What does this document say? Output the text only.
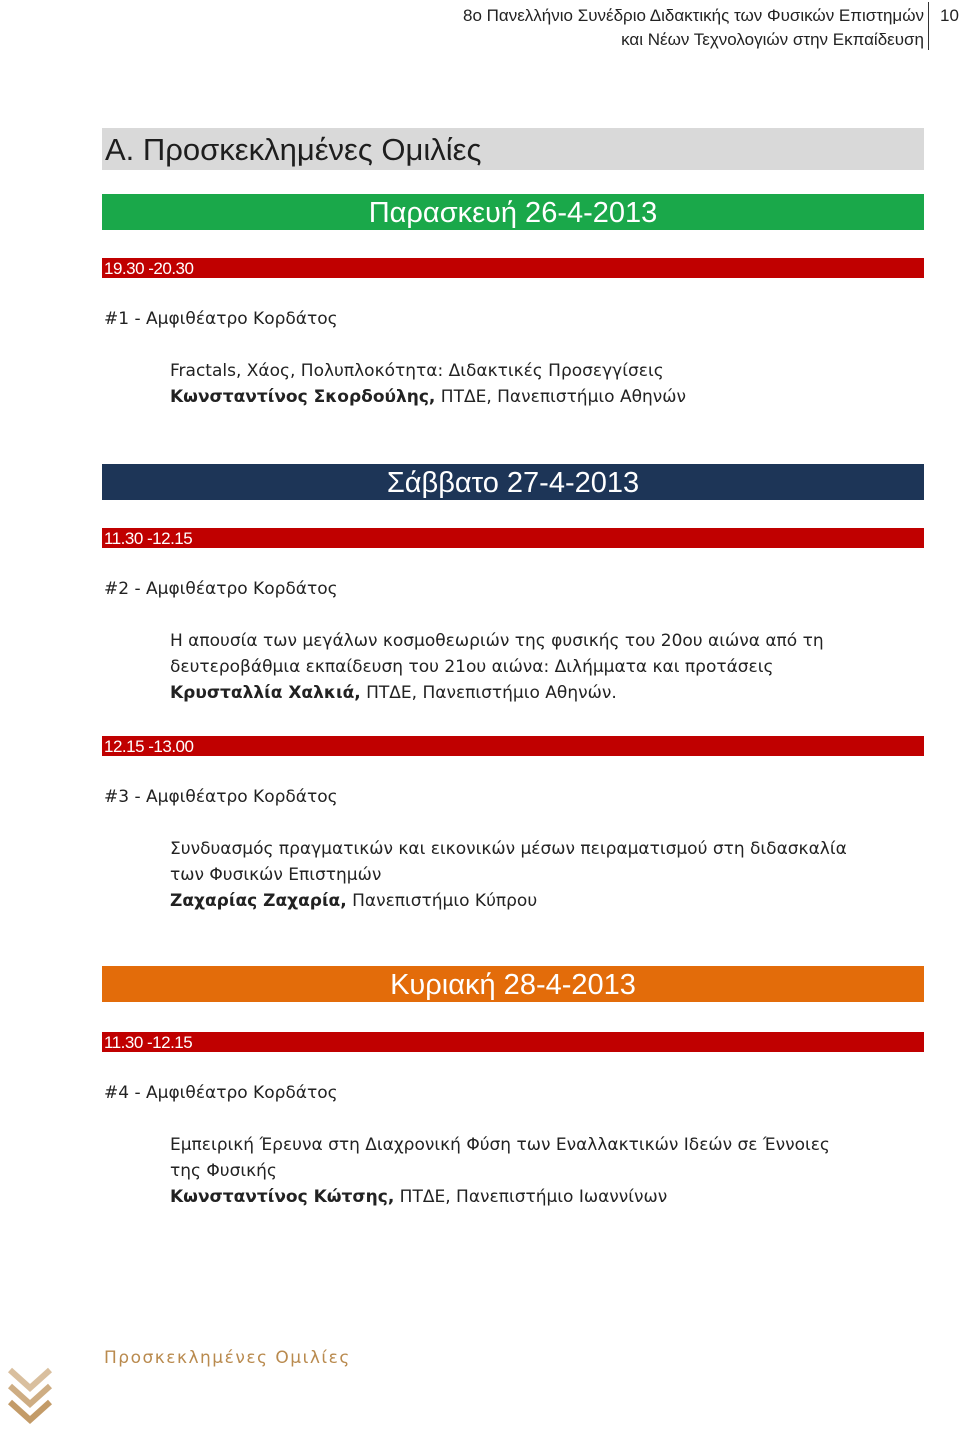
8ο Πανελλήνιο Συνέδριο Διδακτικής των Φυσικών Επιστημών
και Νέων Τεχνολογιών στην Εκπαίδευση
10
Α. Προσκεκλημένες Ομιλίες
Παρασκευή 26-4-2013
19.30 -20.30
#1 - Αμφιθέατρο Κορδάτος
Fractals, Χάος, Πολυπλοκότητα: Διδακτικές Προσεγγίσεις
Κωνσταντίνος Σκορδούλης, ΠΤΔΕ, Πανεπιστήμιο Αθηνών
Σάββατο 27-4-2013
11.30 -12.15
#2 - Αμφιθέατρο Κορδάτος
Η απουσία των μεγάλων κοσμοθεωριών της φυσικής του 20ου αιώνα από τη
δευτεροβάθμια εκπαίδευση του 21ου αιώνα: Διλήμματα και προτάσεις
Κρυσταλλία Χαλκιά, ΠΤΔΕ, Πανεπιστήμιο Αθηνών.
12.15 -13.00
#3 - Αμφιθέατρο Κορδάτος
Συνδυασμός πραγματικών και εικονικών μέσων πειραματισμού στη διδασκαλία
των Φυσικών Επιστημών
Ζαχαρίας Ζαχαρία, Πανεπιστήμιο Κύπρου
Κυριακή 28-4-2013
11.30 -12.15
#4 - Αμφιθέατρο Κορδάτος
Εμπειρική Έρευνα στη Διαχρονική Φύση των Εναλλακτικών Ιδεών σε Έννοιες
της Φυσικής
Κωνσταντίνος Κώτσης, ΠΤΔΕ, Πανεπιστήμιο Ιωαννίνων
Προσκεκλημένες Ομιλίες
